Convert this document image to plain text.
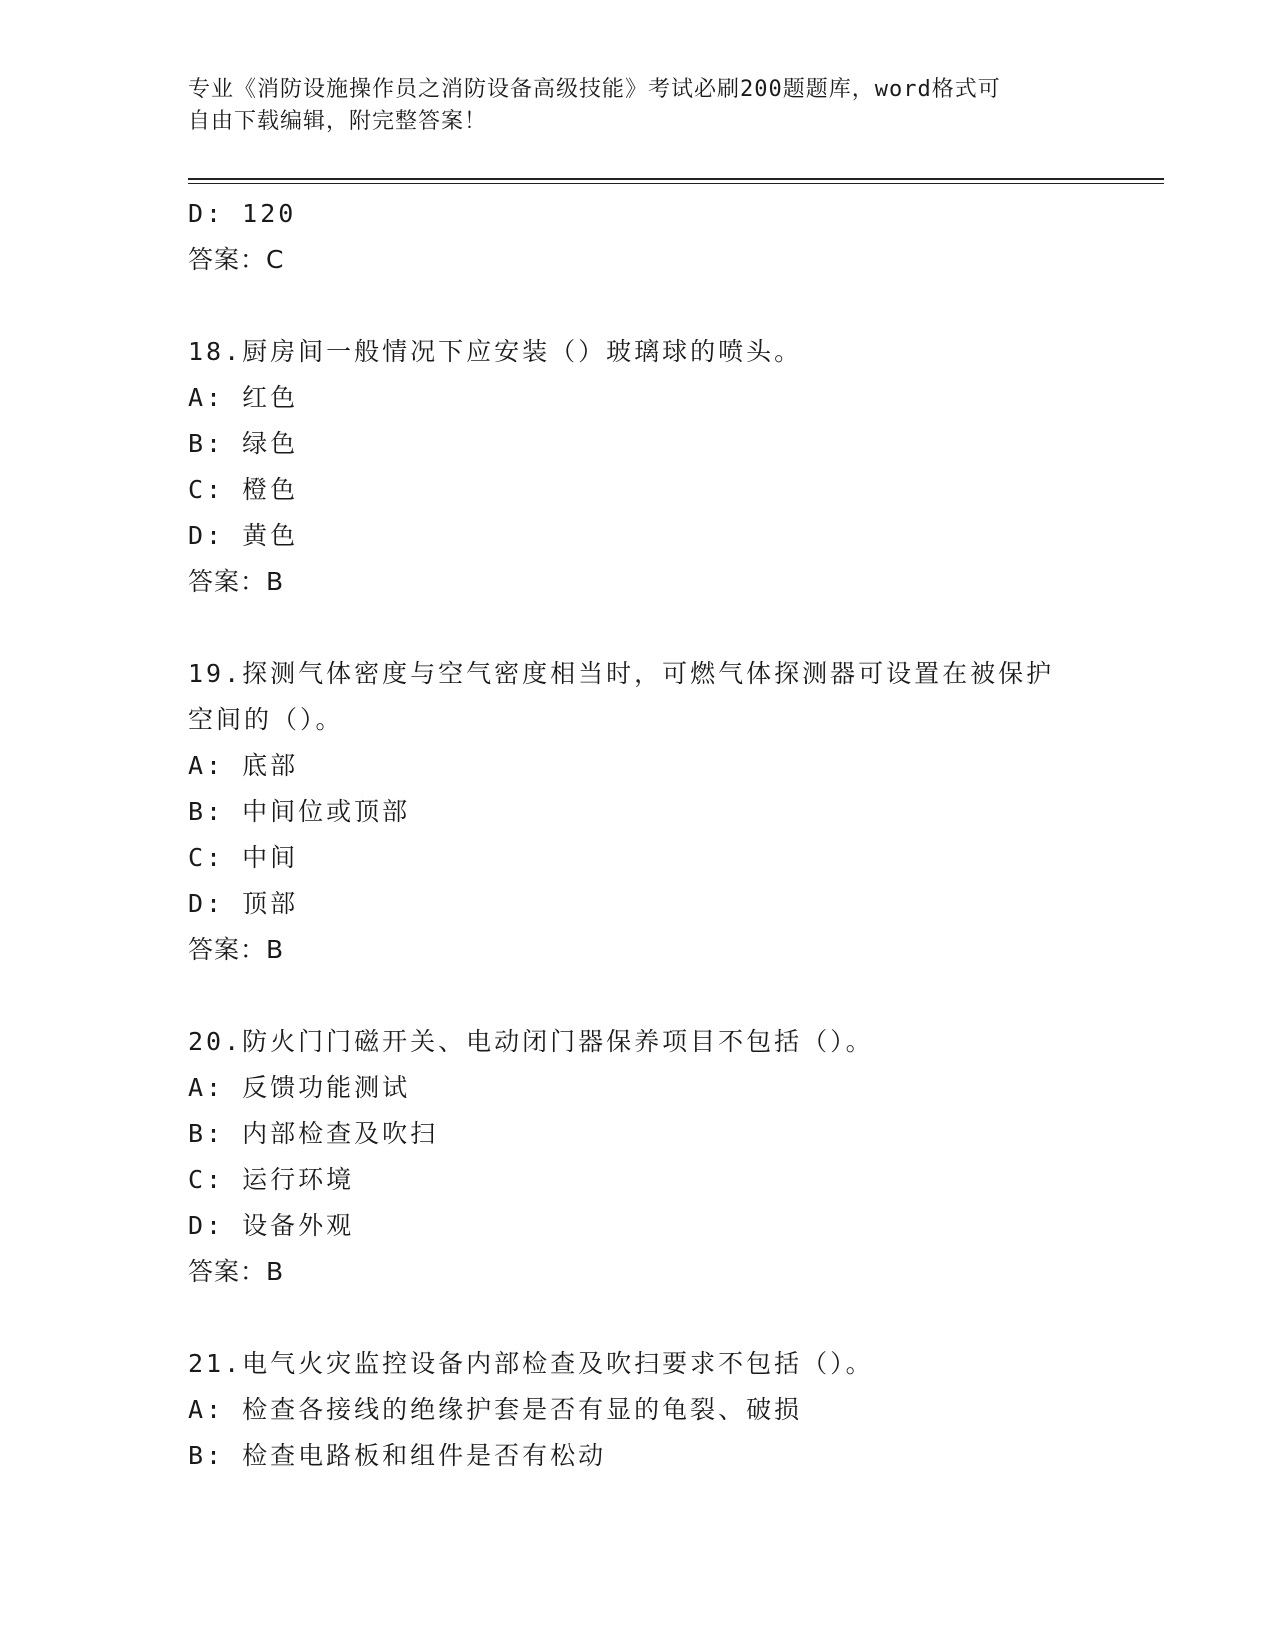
专业《消防设施操作员之消防设备高级技能》考试必刷200题题库，word格式可
自由下载编辑，附完整答案！
D: 120
答案：C
18.厨房间一般情况下应安装（）玻璃球的喷头。
A: 红色
B: 绿色
C: 橙色
D: 黄色
答案：B
19.探测气体密度与空气密度相当时，可燃气体探测器可设置在被保护
空间的（）。
A: 底部
B: 中间位或顶部
C: 中间
D: 顶部
答案：B
20.防火门门磁开关、电动闭门器保养项目不包括（）。
A: 反馈功能测试
B: 内部检查及吹扫
C: 运行环境
D: 设备外观
答案：B
21.电气火灾监控设备内部检查及吹扫要求不包括（）。
A: 检查各接线的绝缘护套是否有显的龟裂、破损
B: 检查电路板和组件是否有松动
